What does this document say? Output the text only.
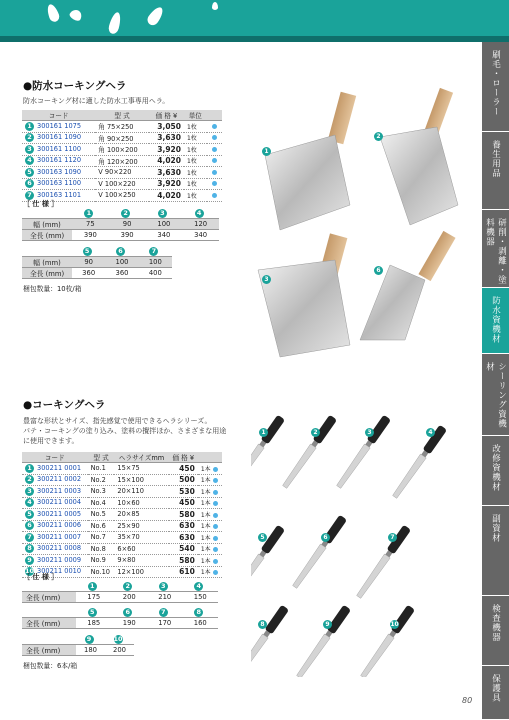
刷毛・ローラー
養生用品
研削・剥離・塗料機器
防水資機材
シーリング資機材
改修資機材
副資材
検査機器
保護具
●防水コーキングヘラ

防水コーキング材に適した防水工事専用ヘラ。

コード	型 式	価 格 ¥	単位	
1 300161 1075	角 75×250	3,050	1枚	
2 300161 1090	角 90×250	3,630	1枚	
3 300161 1100	角 100×200	3,920	1枚	
4 300161 1120	角 120×200	4,020	1枚	
5 300163 1090	V 90×220	3,630	1枚	
6 300163 1100	V 100×220	3,920	1枚	
7 300163 1101	V 100×250	4,020	1枚	
［ 仕 様 ］
	1	2	3	4
幅 (mm)	75	90	100	120
全長 (mm)	390	390	340	340
	5	6	7
幅 (mm)	90	100	100
全長 (mm)	360	360	400
梱包数量：10枚/箱
1
2
3
6
●コーキングヘラ

豊富な形状とサイズ、指先感覚で使用できるヘラシリーズ。

パテ・コーキングの塗り込み、塗料の攪拌ほか、さまざまな用途

に使用できます。

コード	型 式	ヘラサイズmm	価 格 ¥	
1 300211 0001	No.1	15×75	450	1本
2 300211 0002	No.2	15×100	500	1本
3 300211 0003	No.3	20×110	530	1本
4 300211 0004	No.4	10×60	450	1本
5 300211 0005	No.5	20×85	580	1本
6 300211 0006	No.6	25×90	630	1本
7 300211 0007	No.7	35×70	630	1本
8 300211 0008	No.8	6×60	540	1本
9 300211 0009	No.9	9×80	580	1本
10 300211 0010	No.10	12×100	610	1本
［ 仕 様 ］
	1	2	3	4
全長 (mm)	175	200	210	150
	5	6	7	8
全長 (mm)	185	190	170	160
	9	10
全長 (mm)	180	200
梱包数量：6本/箱
1	2	3	4
5	6	7
8	9	10
80
